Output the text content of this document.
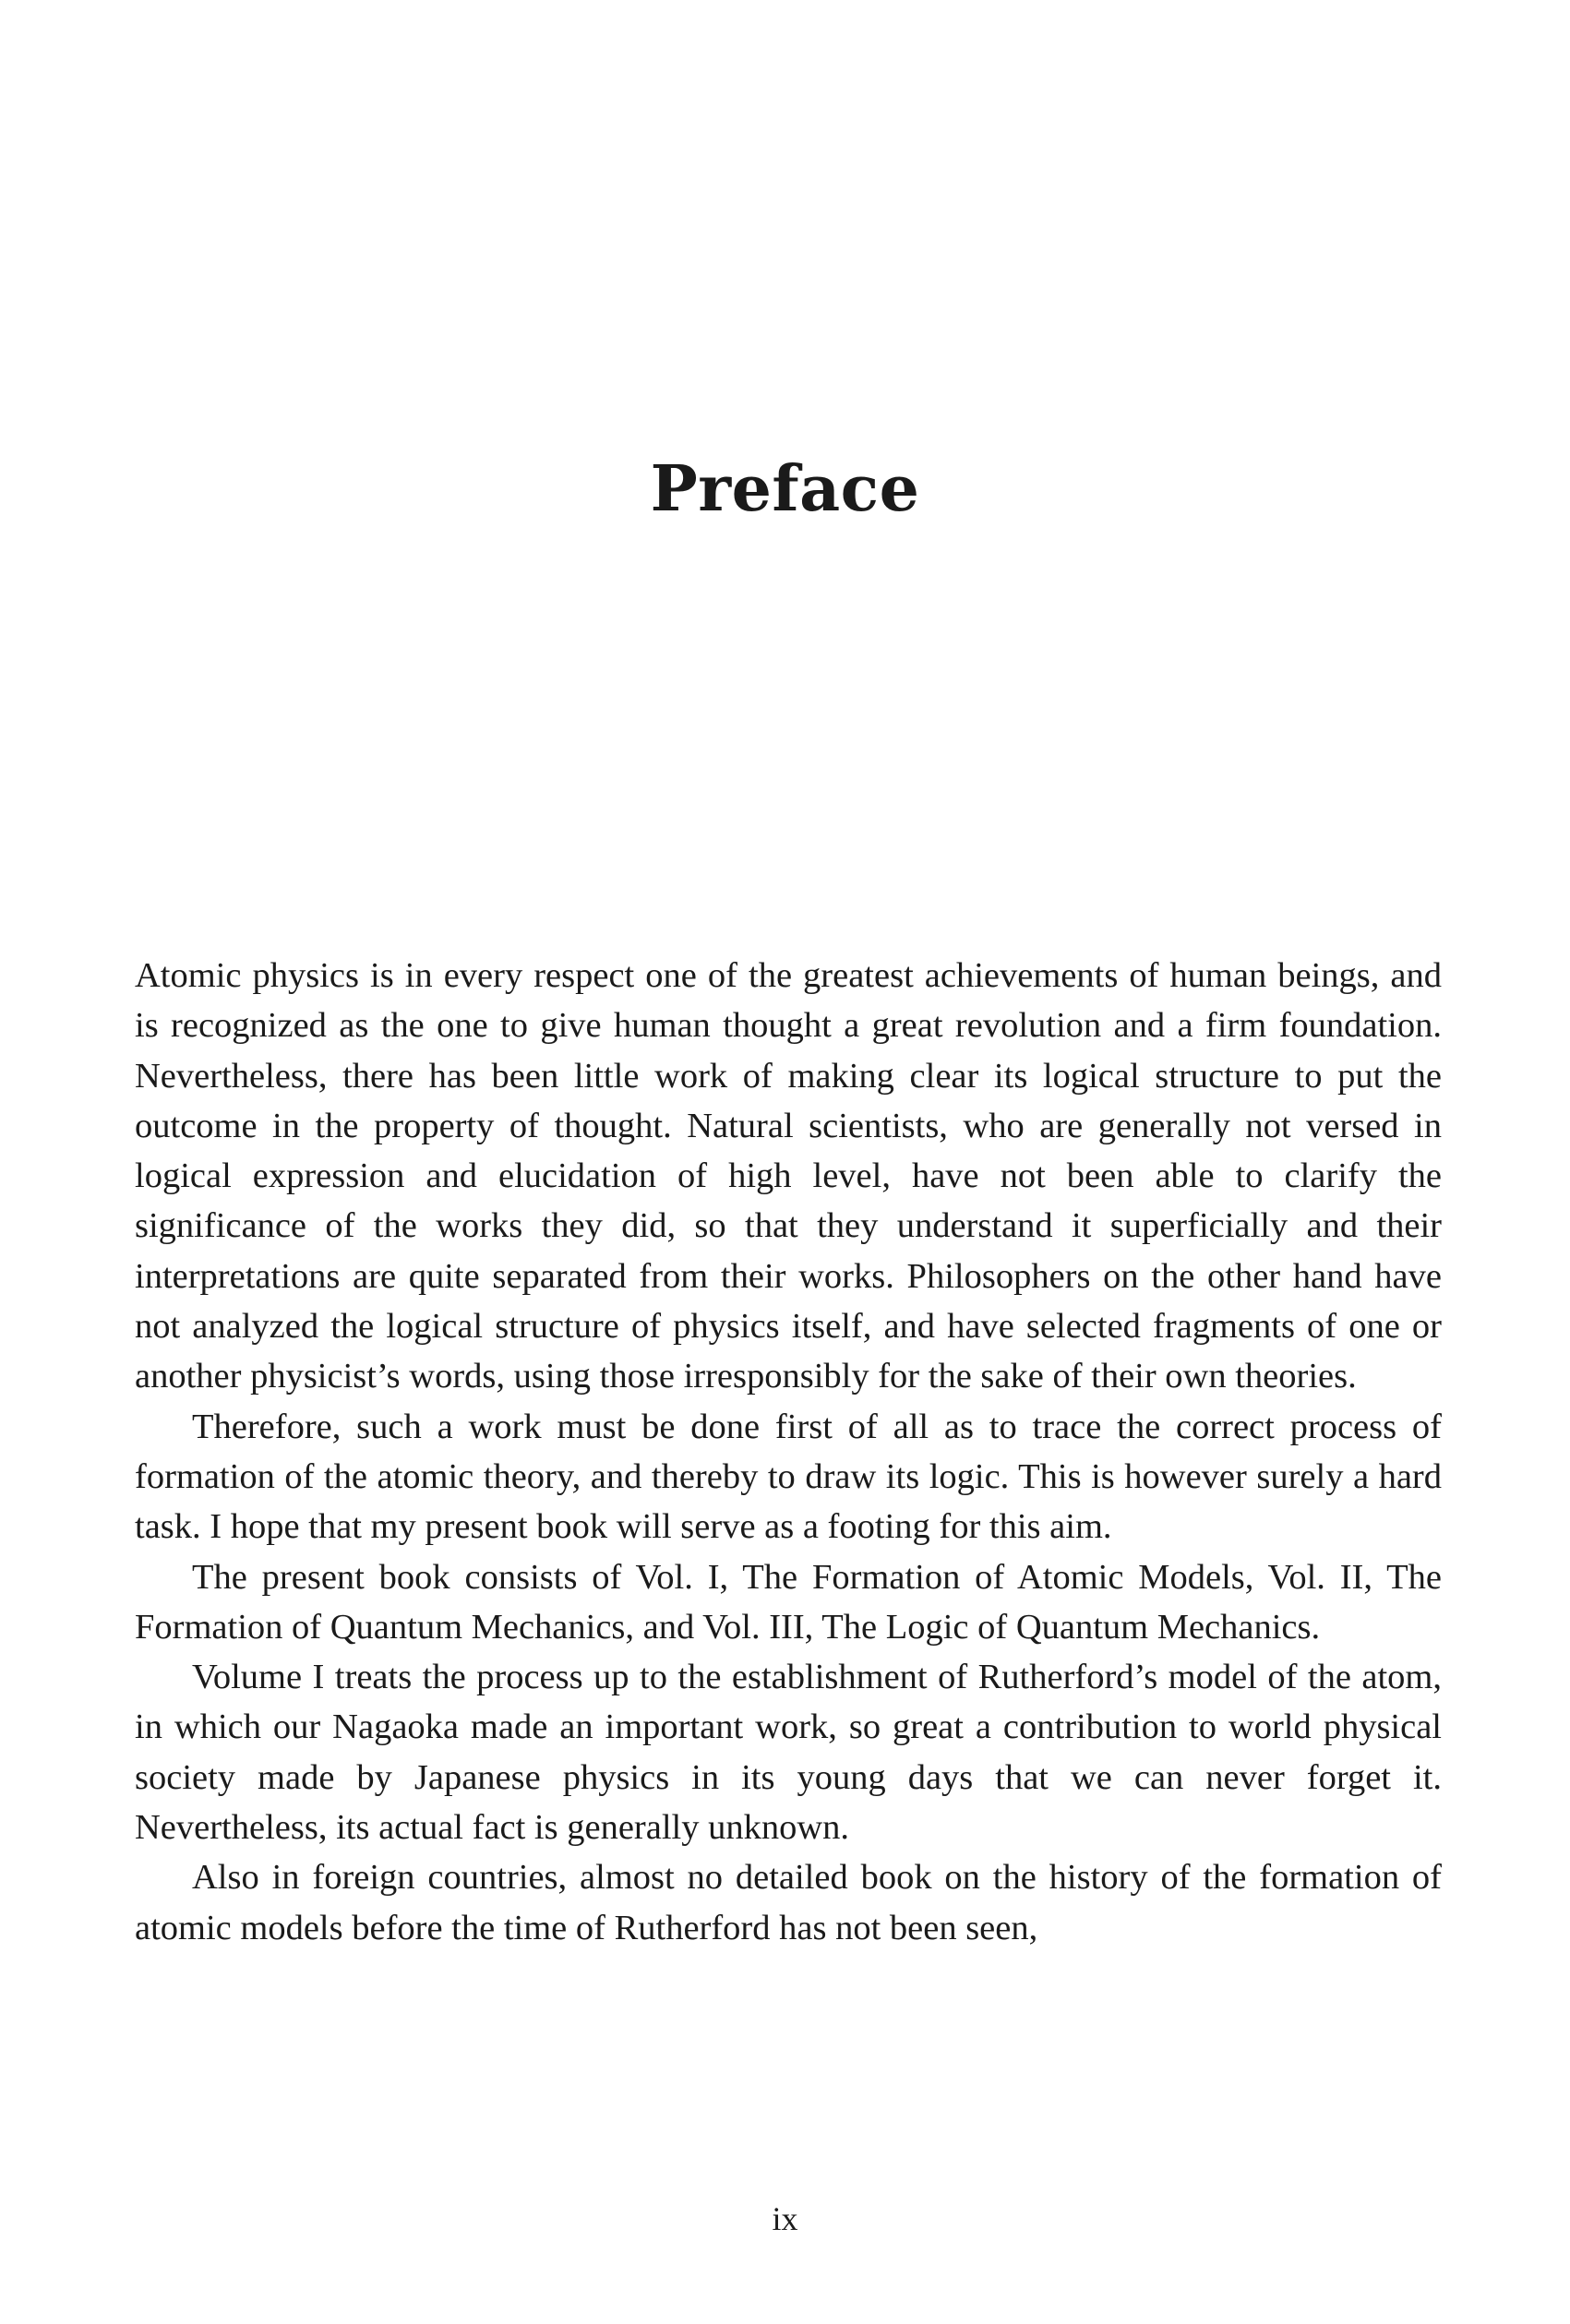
Preface

Atomic physics is in every respect one of the greatest achievements of human beings, and is recognized as the one to give human thought a great revolution and a firm foundation. Nevertheless, there has been little work of making clear its logical structure to put the outcome in the property of thought. Natural scientists, who are generally not versed in logical expression and elucidation of high level, have not been able to clarify the significance of the works they did, so that they understand it superficially and their interpretations are quite separated from their works. Philosophers on the other hand have not analyzed the logical structure of physics itself, and have selected fragments of one or another physicist’s words, using those irresponsibly for the sake of their own theories.

Therefore, such a work must be done first of all as to trace the correct process of formation of the atomic theory, and thereby to draw its logic. This is however surely a hard task. I hope that my present book will serve as a footing for this aim.

The present book consists of Vol. I, The Formation of Atomic Models, Vol. II, The Formation of Quantum Mechanics, and Vol. III, The Logic of Quantum Mechanics.

Volume I treats the process up to the establishment of Rutherford’s model of the atom, in which our Nagaoka made an important work, so great a contribution to world physical society made by Japanese physics in its young days that we can never forget it. Nevertheless, its actual fact is generally unknown.

Also in foreign countries, almost no detailed book on the history of the formation of atomic models before the time of Rutherford has not been seen,

ix
